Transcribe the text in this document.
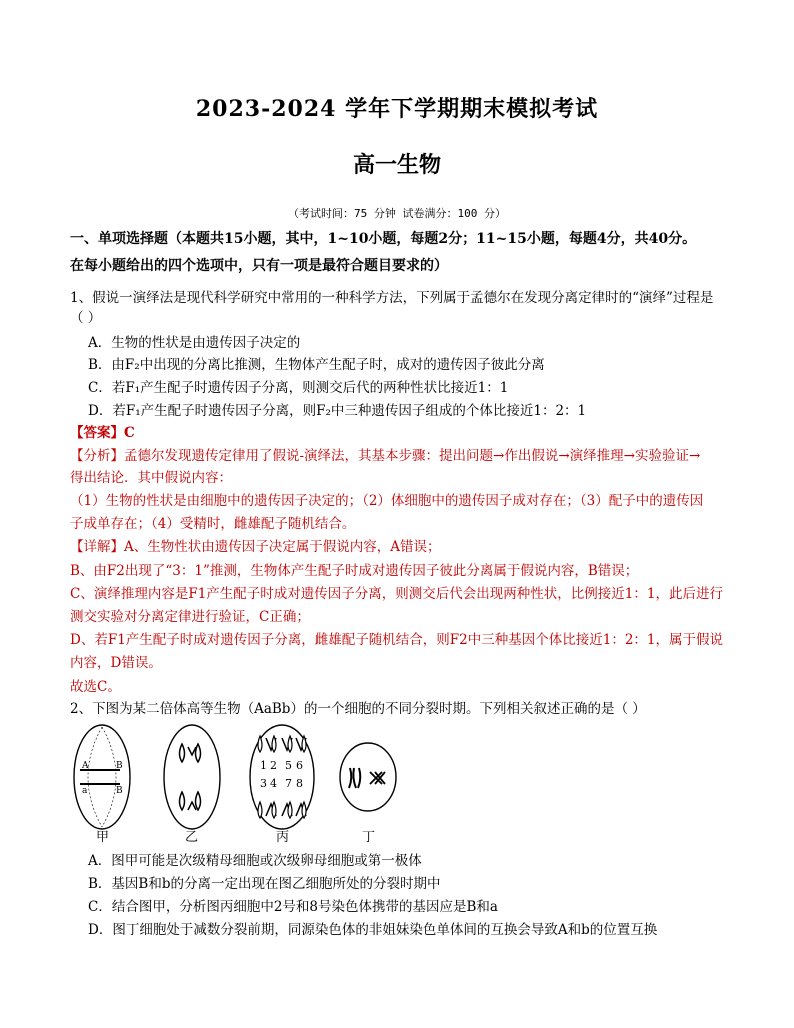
2023-2024 学年下学期期末模拟考试
高一生物
（考试时间：75 分钟 试卷满分：100 分）
一、单项选择题（本题共15小题，其中，1~10小题，每题2分；11~15小题，每题4分，共40分。
在每小题给出的四个选项中，只有一项是最符合题目要求的）
1、假说一演绎法是现代科学研究中常用的一种科学方法，下列属于孟德尔在发现分离定律时的“演绎”过程是
（ ）
A．生物的性状是由遗传因子决定的
B．由F₂中出现的分离比推测，生物体产生配子时，成对的遗传因子彼此分离
C．若F₁产生配子时遗传因子分离，则测交后代的两种性状比接近1：1
D．若F₁产生配子时遗传因子分离，则F₂中三种遗传因子组成的个体比接近1：2：1
【答案】C
【分析】孟德尔发现遗传定律用了假说-演绎法，其基本步骤：提出问题→作出假说→演绎推理→实验验证→
得出结论．其中假说内容：
（1）生物的性状是由细胞中的遗传因子决定的；（2）体细胞中的遗传因子成对存在；（3）配子中的遗传因
子成单存在；（4）受精时，雌雄配子随机结合。
【详解】A、生物性状由遗传因子决定属于假说内容，A错误；
B、由F2出现了“3：1”推测，生物体产生配子时成对遗传因子彼此分离属于假说内容，B错误；
C、演绎推理内容是F1产生配子时成对遗传因子分离，则测交后代会出现两种性状，比例接近1：1，此后进行
测交实验对分离定律进行验证，C正确；
D、若F1产生配子时成对遗传因子分离，雌雄配子随机结合，则F2中三种基因个体比接近1：2：1，属于假说
内容，D错误。
故选C。
2、下图为某二倍体高等生物（AaBb）的一个细胞的不同分裂时期。下列相关叙述正确的是（ ）
A
a
B
B
1 2 5 6
3 4 7 8
甲	乙	丙	丁
A．图甲可能是次级精母细胞或次级卵母细胞或第一极体
B．基因B和b的分离一定出现在图乙细胞所处的分裂时期中
C．结合图甲，分析图丙细胞中2号和8号染色体携带的基因应是B和a
D．图丁细胞处于减数分裂前期，同源染色体的非姐妹染色单体间的互换会导致A和b的位置互换
